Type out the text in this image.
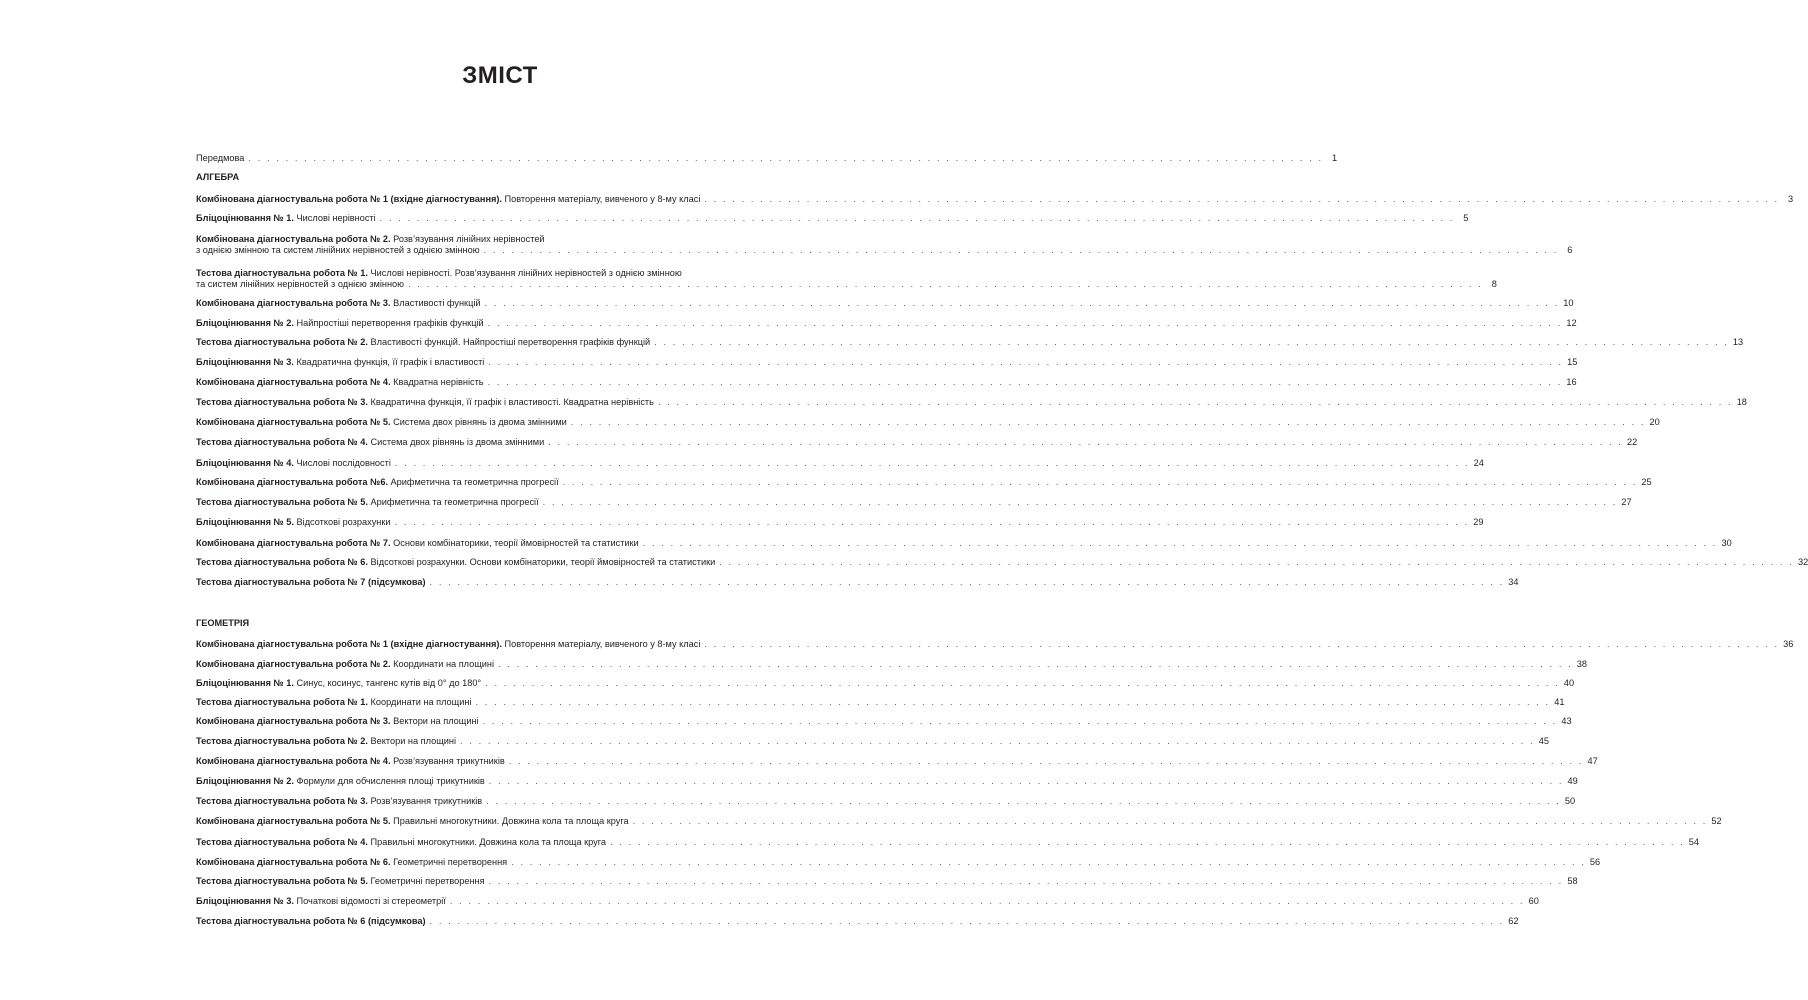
ЗМІСТ
Передмова . . .	1
АЛГЕБРА
Комбінована діагностувальна робота № 1 (вхідне діагностування). Повторення матеріалу, вивченого у 8-му класі . . .	3
Бліцоцінювання № 1. Числові нерівності . . .	5
Комбінована діагностувальна робота № 2. Розв’язування лінійних нерівностей
з однією змінною та систем лінійних нерівностей з однією змінною . . .	6
Тестова діагностувальна робота № 1. Числові нерівності. Розв’язування лінійних нерівностей з однією змінною
та систем лінійних нерівностей з однією змінною . . .	8
Комбінована діагностувальна робота № 3. Властивості функцій . . .	10
Бліцоцінювання № 2. Найпростіші перетворення графіків функцій . . .	12
Тестова діагностувальна робота № 2. Властивості функцій. Найпростіші перетворення графіків функцій . . .	13
Бліцоцінювання № 3. Квадратична функція, її графік і властивості . . .	15
Комбінована діагностувальна робота № 4. Квадратна нерівність . . .	16
Тестова діагностувальна робота № 3. Квадратична функція, її графік і властивості. Квадратна нерівність . . .	18
Комбінована діагностувальна робота № 5. Система двох рівнянь із двома змінними . . .	20
Тестова діагностувальна робота № 4. Система двох рівнянь із двома змінними . . .	22
Бліцоцінювання № 4. Числові послідовності . . .	24
Комбінована діагностувальна робота №6. Арифметична та геометрична прогресії . . .	25
Тестова діагностувальна робота № 5. Арифметична та геометрична прогресії . . .	27
Бліцоцінювання № 5. Відсоткові розрахунки . . .	29
Комбінована діагностувальна робота № 7. Основи комбінаторики, теорії ймовірностей та статистики . . .	30
Тестова діагностувальна робота № 6. Відсоткові розрахунки. Основи комбінаторики, теорії ймовірностей та статистики . . .	32
Тестова діагностувальна робота № 7 (підсумкова) . . .	34
ГЕОМЕТРІЯ
Комбінована діагностувальна робота № 1 (вхідне діагностування). Повторення матеріалу, вивченого у 8-му класі . . .	36
Комбінована діагностувальна робота № 2. Координати на площині . . .	38
Бліцоцінювання № 1. Синус, косинус, тангенс кутів від 0° до 180° . . .	40
Тестова діагностувальна робота № 1. Координати на площині . . .	41
Комбінована діагностувальна робота № 3. Вектори на площині . . .	43
Тестова діагностувальна робота № 2. Вектори на площині . . .	45
Комбінована діагностувальна робота № 4. Розв’язування трикутників . . .	47
Бліцоцінювання № 2. Формули для обчислення площі трикутників . . .	49
Тестова діагностувальна робота № 3. Розв’язування трикутників . . .	50
Комбінована діагностувальна робота № 5. Правильні многокутники. Довжина кола та площа круга . . .	52
Тестова діагностувальна робота № 4. Правильні многокутники. Довжина кола та площа круга . . .	54
Комбінована діагностувальна робота № 6. Геометричні перетворення . . .	56
Тестова діагностувальна робота № 5. Геометричні перетворення . . .	58
Бліцоцінювання № 3. Початкові відомості зі стереометрії . . .	60
Тестова діагностувальна робота № 6 (підсумкова) . . .	62
